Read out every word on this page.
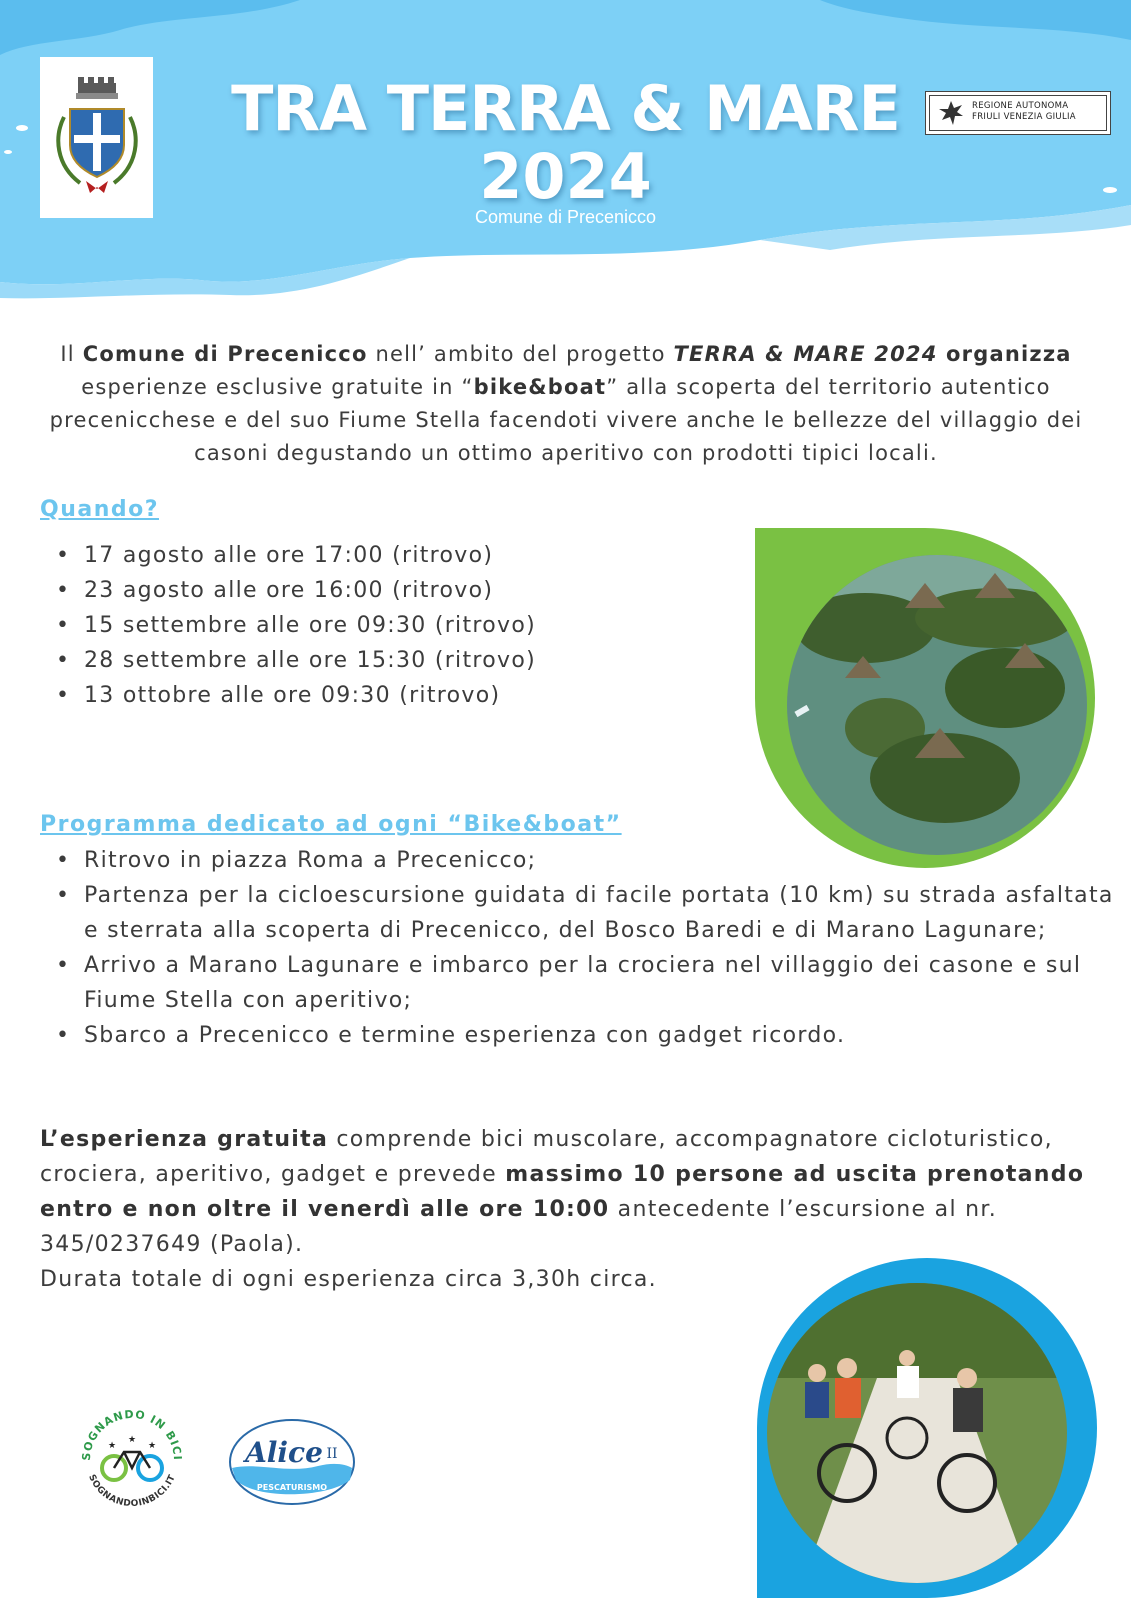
REGIONE AUTONOMA
FRIULI VENEZIA GIULIA
TRA TERRA & MARE
2024
Comune di Precenicco
Il Comune di Precenicco nell’ ambito del progetto TERRA & MARE 2024 organizza
esperienze esclusive gratuite in “bike&boat” alla scoperta del territorio autentico precenicchese e del suo Fiume Stella facendoti vivere anche le bellezze del villaggio dei casoni degustando un ottimo aperitivo con prodotti tipici locali.
Quando?
• 17 agosto alle ore 17:00 (ritrovo)
• 23 agosto alle ore 16:00 (ritrovo)
• 15 settembre alle ore 09:30 (ritrovo)
• 28 settembre alle ore 15:30 (ritrovo)
• 13 ottobre alle ore 09:30 (ritrovo)
Programma dedicato ad ogni “Bike&boat”
• Ritrovo in piazza Roma a Precenicco;
• Partenza per la cicloescursione guidata di facile portata (10 km) su strada asfaltata e sterrata alla scoperta di Precenicco, del Bosco Baredi e di Marano Lagunare;
• Arrivo a Marano Lagunare e imbarco per la crociera nel villaggio dei casone e sul Fiume Stella con aperitivo;
• Sbarco a Precenicco e termine esperienza con gadget ricordo.
L’esperienza gratuita comprende bici muscolare, accompagnatore cicloturistico, crociera, aperitivo, gadget e prevede massimo 10 persone ad uscita prenotando entro e non oltre il venerdì alle ore 10:00 antecedente l’escursione al nr. 345/0237649 (Paola).
Durata totale di ogni esperienza circa 3,30h circa.
SOGNANDO IN BICI
SOGNANDOINBICI.IT
★
★
★	Alice II
PESCATURISMO
